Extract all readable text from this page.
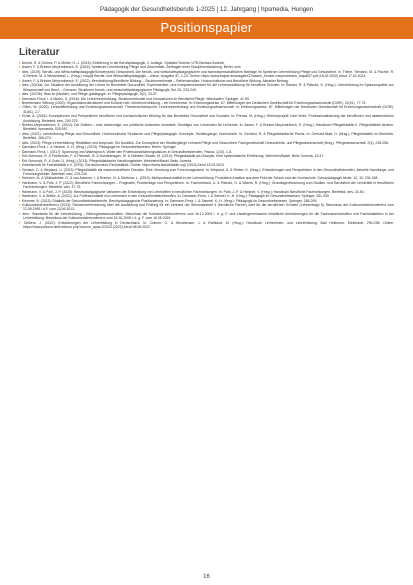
Pädagogik der Gesundheitsberufe 1-2025 | 12. Jahrgang | hpsmedia, Hungen
Positionspapier
Literatur
▪ Arnold, R. & Gómez, P. & Müller, H.-J. (2016): Einführung in die Berufspädagogik. 2. Auflage. Opladen/Toronto: UTB Barbara Budrich.
▪ Assen, F. & Brinker-Meyendriesch, E. (2018): Spektrum Lehrerbildung Pflege und Gesundheit. Zielfragen einer Disziplinentwicklung. Berlin: wvb.
▪ dies. (2019): Berufs- und Wirtschaftspädagogik/Schwerpunkt Gesundheit. Die berufs- und wirtschaftspädagogischen und fachwissenschaftlichen Beiträge im Spektrum Lehrerbildung Pflege und Gesundheit. In: Thiele, Tiemann, M. & Fischer, R. & Renner, M. & Windelband, L. (Hrsg.): bwp@ Berufs- und Wirtschaftspädagogik – online, Ausgabe 37, 1-23. Online: https://www.bwpat.de/ausgabe37/assen_brinker-meyendriesch_bwpat37.pdf (18.02.2020) Abruf 17.02.2024.
▪ Assen, F. & Brinker-Meyendriesch, E. (2022): Berufsbildung/Berufliche Bildung – Strukturmerkmale – Reformansätze, Hochschulische und Berufliche Bildung. Aktueller Beitrag.
▪ dies. (2023a): Zur Situation der Ausbildung der Lehrer im Berufsfeld Gesundheit. Experimentier- und Kompetenzzentren für die Lehrerausbildung für berufliche Schulen. In: Becker, R. & Pätzold, G. (Hrsg.): Lehrerbildung im Spannungsfeld von Wissenschaft und Beruf – Grenzen: Strukturen berufs- und wirtschaftspädagogischer Pädagogik, Bd. 25, 233-249.
▪ dies. (2023b): Was ist (Medizin- und Pflege-)pädagogik. In: Pflegepädagogik, 5(2), 23-37.
▪ Darmann-Finck, I. & Muths, S. (2018): Die Lehrerinnenbildung. Strukturmerkmale und Innovationen im Berufsfeld Pflege. Wiesbaden: Springer, 41-59.
▪ Bertelsmann Stiftung (2020): Organisationsstrukturen und Kulturen der Lehrerinnenbildung – ein Kommentar. In: Erfahrungsweise, 67, Mitteilungen der Deutschen Gesellschaft für Erziehungswissenschaft (DGfE). 22(41), 77-74.
▪ Gillen, W. (2020): Lehrkräftebildung und Erziehungswissenschaft. Themenschwerpunkt: Lehrerinnenbildung und Erziehungswissenschaft. In: Erfahrungsweise, 67, Mitteilungen der Deutschen Gesellschaft für Erziehungswissenschaft (DGfE). 31(61), 2-7.
▪ Ernst, A. (2018): Konzeptionen und Perspektiven beruflicher und hochschulischer Bildung für das Berufsfeld Gesundheit und Soziales. In: Preuss, M. (Hrsg.): Reformprojekt Care Work. Professionalisierung der beruflichen und akademischen Ausbildung. Bielefeld: wbv, 209-223.
▪ Brinker-Meyendriesch, E. (2024): Die Gräben – eine notwendige, um politische Antworten erwartete. Denkfigur von Lernenden für Lehrende. In: Assen, F. & Brinker-Meyendriesch, E. (Hrsg.): Handbuch Pflegedidaktik II. Pflegedidaktik denken. Bielefeld: hpsmedia, 525-557.
▪ dies. (2022): Lehrerbildung Pflege und Gesundheit. Hochschulische Strukturen und Pflegepädagogik. Konzepte, Studiengänge, Hochschule. In: Gerhard, R. & Pflegedidaktische Praxis. In: Gerhard-Blatt, H. (Hrsg.): Pflegedidaktik im Überblick. Bielefeld, 268-274.
▪ dies. (2024): Pflege-Lehrerbildung: Realitäten und Anspruch. Ein Ausblick. Zur Konzeption der Studiengänge Lehramt Pflege und Gesundheit. Fachgesellschaft Gesundheits- und Pflegewissenschaft (Hrsg.): Pflegewissenschaft, 2(4), 245-256.
▪ Darmann-Finck, I. & Sahmel, K.-H. (Hrsg.) (2023): Pädagogik im Gesundheitswesen. Berlin: Springer.
▪ Darmann-Finck, I. (2017): Spannung und Widerspruch. Wider den Professionalisierungsdiskurs in Gesundheitsberufen. Padua, 12(3), 1-8.
▪ Ertl-Schmuck, R. & Fichtmüller, F. & Pietzsch, B. & Hundeshagen, M. & Hülsken-Giesler, M. (2014): Pflegedidaktik als Disziplin. Eine systematische Einführung. Weinheim/Basel: Beltz Juventa, 19-47.
▪ Ertl-Schmuck, R. & Greb, U. (Hrsg.) (2013): Pflegedidaktische Handlungsfelder. Weinheim/Basel: Beltz Juventa.
▪ Gesellschaft für Fachdidaktik e.V. (GFD): Kerncurriculum Fachdidaktik. Online: https://www.fachdidaktik.org/ (2024) Abruf 15.03.2024.
▪ Gerlach, C. & Weyland, U. (2023): Pflegedidaktik als wissenschaftliche Disziplin. Eine Verortung zum Forschungsstand. In: Weyland, U. & Reiber, K. (Hrsg.): Entwicklungen und Perspektiven in den Gesundheitsberufen. Aktuelle Handlungs- und Forschungsfelder. Bielefeld: wbv, 225-240.
▪ Heinrich, M. & Wolfswinkler, G. & van Ackeren, I. & Bremm, N. & Streblow, L. (2019): Multiprofessionalität in der Lehrerbildung. Produktive Ansätze aus dem Feld der Schule und der Hochschule. Schulpädagogik heute, 10, 19, 234-248.
▪ Hartmann, V. & Pohl, J. P. (2022): Berufliche Fachrichtungen – Pragmatik, Problemlage und Perspektiven. In: Fachverband, U. & Pätzold, G. & Wachs, R. (Hrsg.): Grundlagenforschung zum Studien- und Berufsfeld der Lehrkräfte in beruflichen Fachrichtungen. Bielefeld: wbv, 37-75.
▪ Hartmann, V. & Pohl, J. P. (2020): Berufspädagogische Varianten der Entwicklung von Lehrkräften in beruflichen Fachrichtungen. In: Pahl, J.-P. & Herkner, V. (Hrsg.): Handbuch Berufliche Fachrichtungen. Bielefeld: wbv, 33-54.
▪ Hartmann, V. & Wittke, A. (2022): Zur Professionalität von Lehrenden in den Gesundheitsfachberufen. In: Darmann-Finck, I. & Sahmel, K.-H. (Hrsg.): Pädagogik im Gesundheitswesen. Springer, 331-349.
▪ Klemme, B. (2013): Didaktik der Gesundheitsfachberufe. Berufspädagogische Positionierung. In: Darmann-Finck, I. & Sahmel, K.-H. (Hrsg.): Pädagogik im Gesundheitswesen. Springer, 285-299.
▪ Kultusministerkonferenz (2013): Rahmenvereinbarung über die Ausbildung und Prüfung für ein Lehramt der Sekundarstufe II (berufliche Fächer) oder für die beruflichen Schulen (Lehramtstyp 5). Beschluss der Kultusministerkonferenz vom 12.05.1995 i.d.F. vom 23.09.2013.
▪ dies.: Standards für die Lehrerbildung – Bildungswissenschaften. Beschluss der Kultusministerkonferenz vom 16.12.2004 i. d. g. F. und Ländergemeinsame inhaltliche Anforderungen für die Fachwissenschaften und Fachdidaktiken in der Lehrerbildung. Beschluss der Kultusministerkonferenz vom 16.10.2008 i. d. g. F. vom 16.05.2019.
▪ Oelkers, J. (2022): Entwicklungen der Lehrerbildung in Deutschland. In: Cramer, C. & Windheuser, J. & Rothland, M. (Hrsg.): Handbuch Lehrerinnen- und Lehrerbildung. Bad Heilbrunn: Klinkhardt, 290-298. Online: https://www.pedocs.de/frontdoor.php?source_opus=22320 (2022) Abruf 08.08.2022.
16
